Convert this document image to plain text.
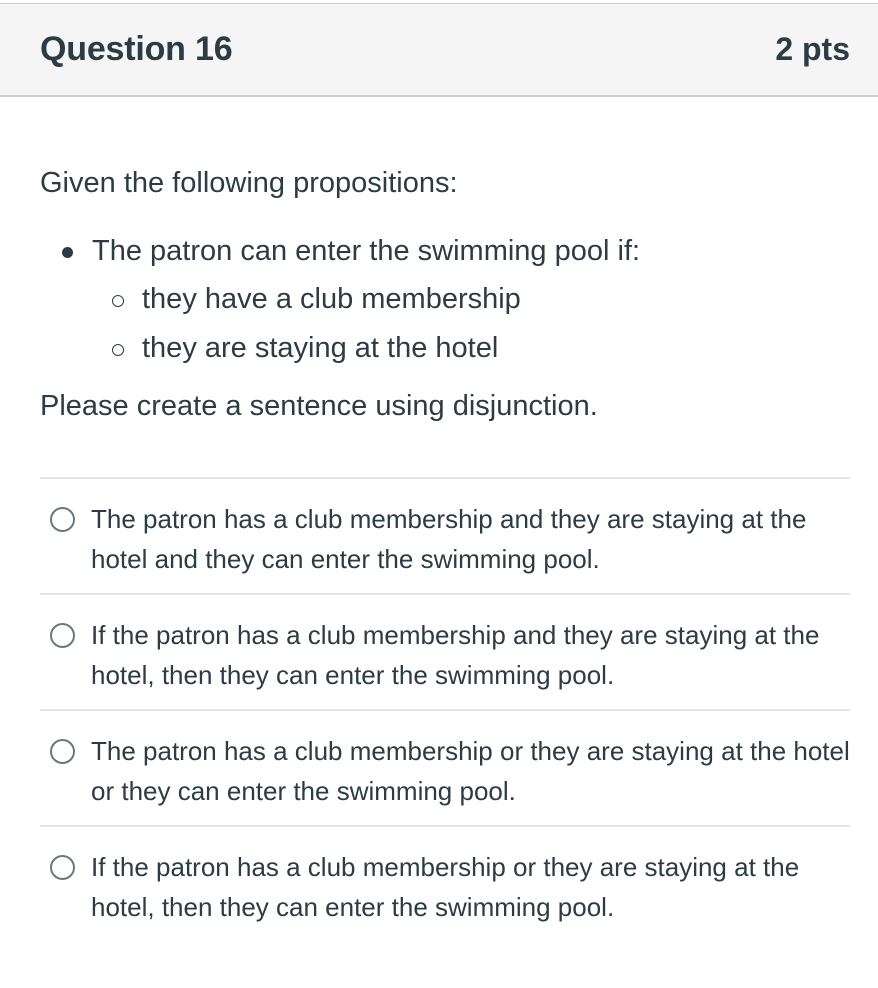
Question 16	2 pts

Given the following propositions:

The patron can enter the swimming pool if:
they have a club membership
they are staying at the hotel

Please create a sentence using disjunction.

The patron has a club membership and they are staying at the hotel and they can enter the swimming pool.
If the patron has a club membership and they are staying at the hotel, then they can enter the swimming pool.
The patron has a club membership or they are staying at the hotel or they can enter the swimming pool.
If the patron has a club membership or they are staying at the hotel, then they can enter the swimming pool.
